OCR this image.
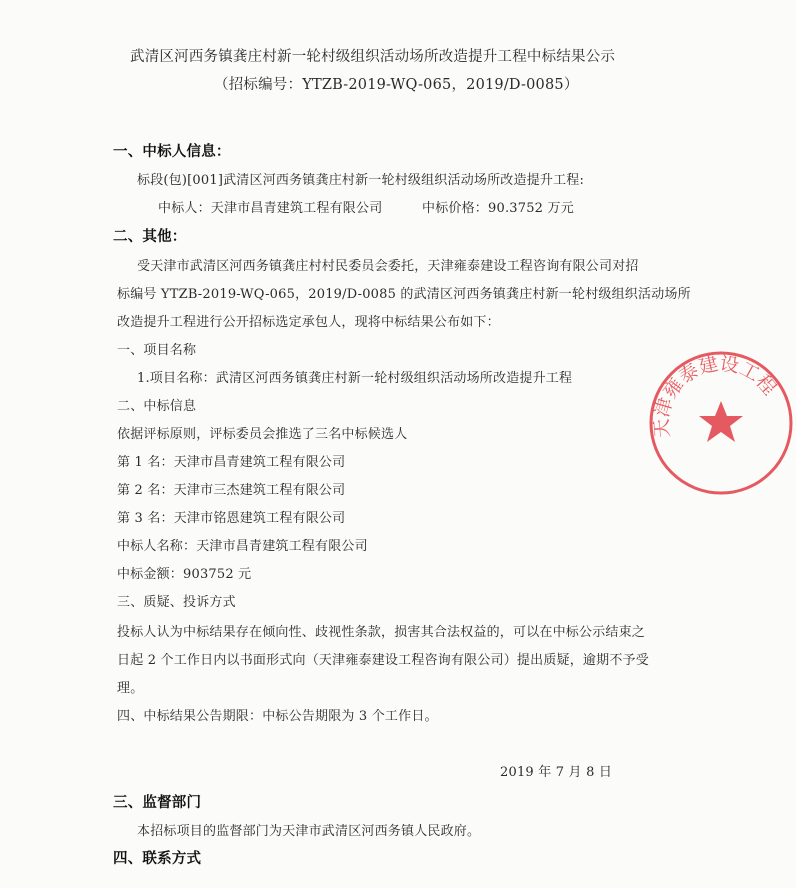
武清区河西务镇龚庄村新一轮村级组织活动场所改造提升工程中标结果公示
（招标编号：YTZB-2019-WQ-065，2019/D-0085）
一、中标人信息：
标段(包)[001]武清区河西务镇龚庄村新一轮村级组织活动场所改造提升工程:
中标人：天津市昌青建筑工程有限公司	中标价格：90.3752 万元
二、其他：
受天津市武清区河西务镇龚庄村村民委员会委托，天津雍泰建设工程咨询有限公司对招
标编号 YTZB-2019-WQ-065，2019/D-0085 的武清区河西务镇龚庄村新一轮村级组织活动场所
改造提升工程进行公开招标选定承包人，现将中标结果公布如下：
一、项目名称
1.项目名称：武清区河西务镇龚庄村新一轮村级组织活动场所改造提升工程
二、中标信息
依据评标原则，评标委员会推选了三名中标候选人
第 1 名：天津市昌青建筑工程有限公司
第 2 名：天津市三杰建筑工程有限公司
第 3 名：天津市铭恩建筑工程有限公司
中标人名称：天津市昌青建筑工程有限公司
中标金额：903752 元
三、质疑、投诉方式
投标人认为中标结果存在倾向性、歧视性条款，损害其合法权益的，可以在中标公示结束之
日起 2 个工作日内以书面形式向（天津雍泰建设工程咨询有限公司）提出质疑，逾期不予受
理。
四、中标结果公告期限：中标公告期限为 3 个工作日。
2019 年 7 月 8 日
三、监督部门
本招标项目的监督部门为天津市武清区河西务镇人民政府。
四、联系方式
天津雍泰建设工程
